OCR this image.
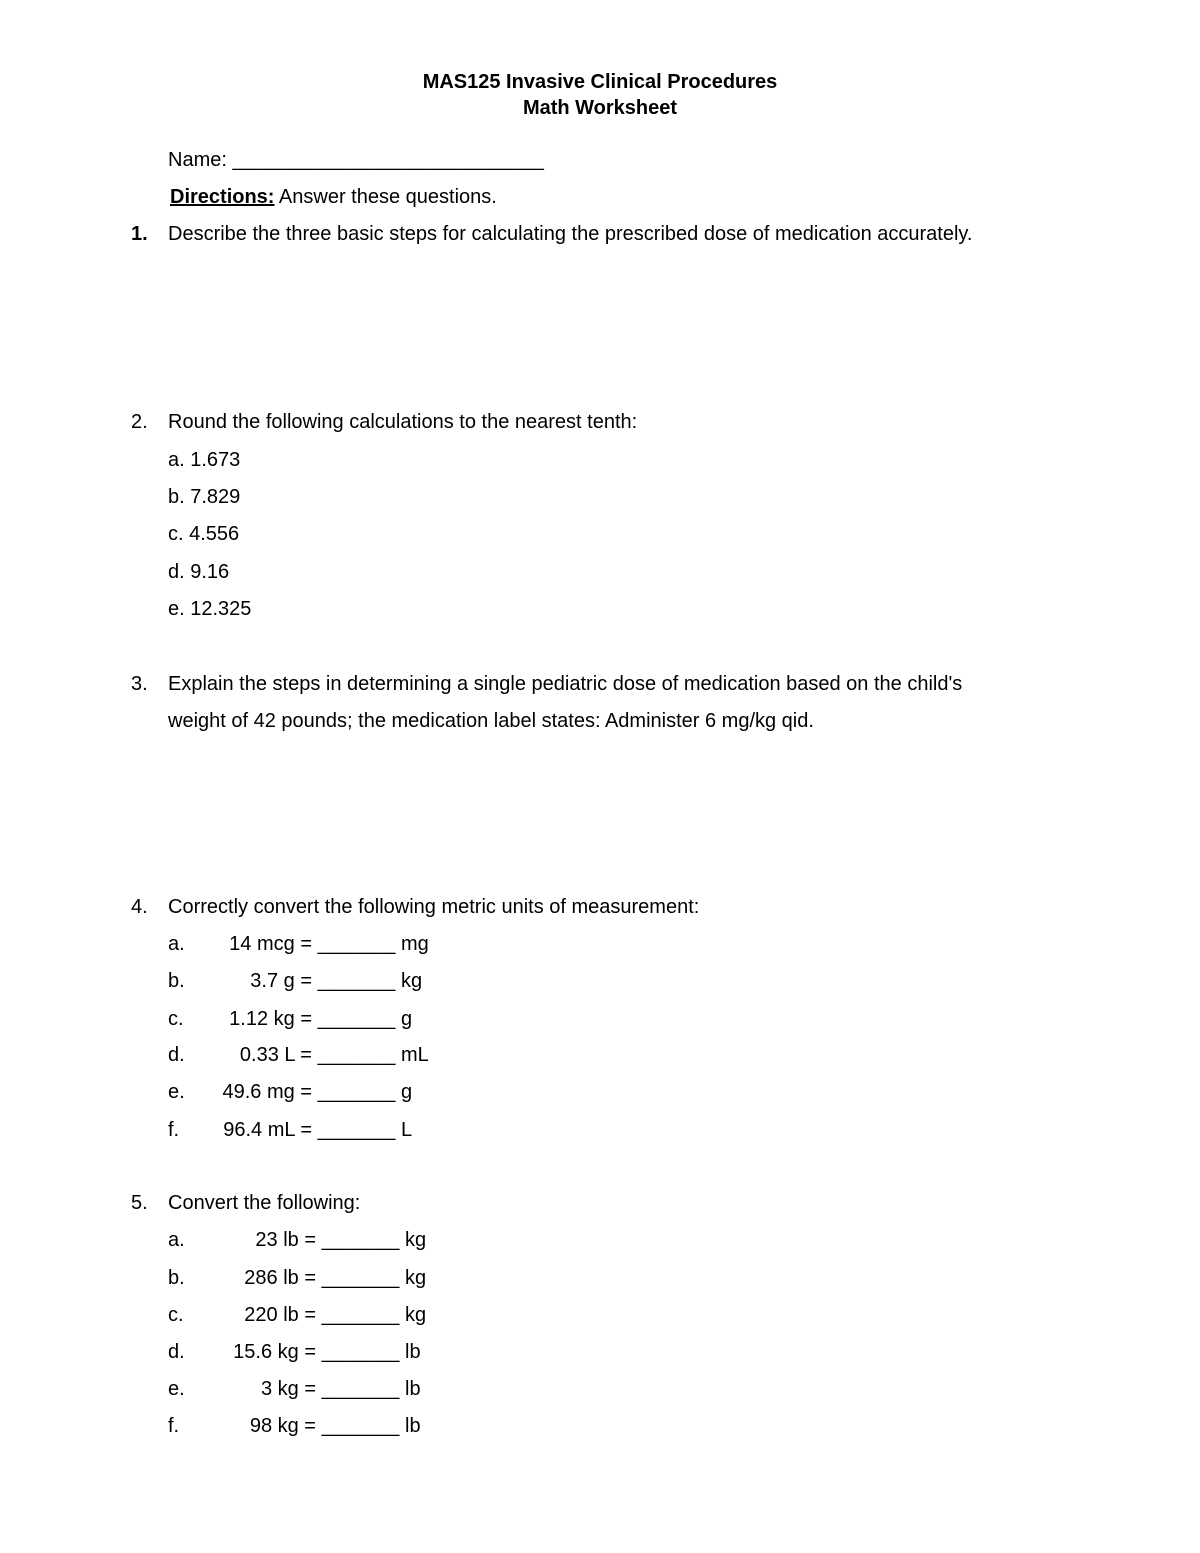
MAS125 Invasive Clinical Procedures
Math Worksheet
Name: ____________________________
Directions: Answer these questions.
1. Describe the three basic steps for calculating the prescribed dose of medication accurately.
2. Round the following calculations to the nearest tenth:
a. 1.673
b. 7.829
c. 4.556
d. 9.16
e. 12.325
3. Explain the steps in determining a single pediatric dose of medication based on the child's
weight of 42 pounds; the medication label states: Administer 6 mg/kg qid.
4. Correctly convert the following metric units of measurement:
a. 14 mcg = _______ mg
b.	3.7 g = _______ kg
c. 1.12 kg = _______ g
d.	0.33 L = _______ mL
e. 49.6 mg = _______ g
f. 96.4 mL = _______ L
5. Convert the following:
a.	23 lb = _______ kg
b.	286 lb = _______ kg
c.	220 lb = _______ kg
d. 15.6 kg = _______ lb
e.	3 kg = _______ lb
f.	98 kg = _______ lb
